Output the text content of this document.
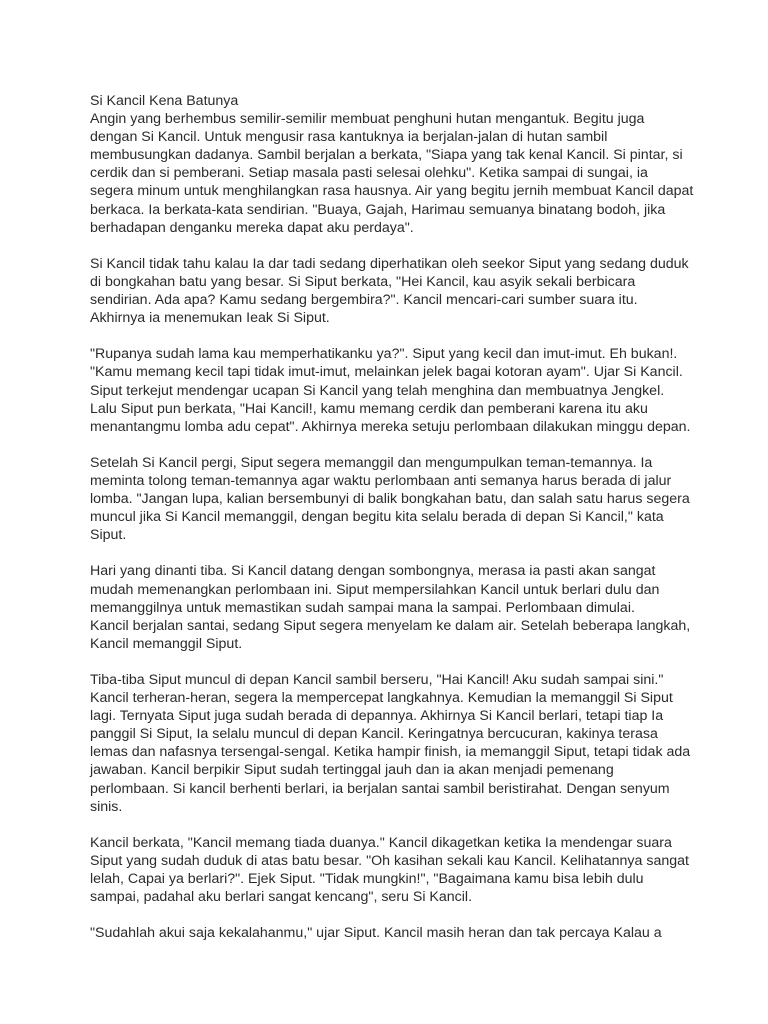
Si Kancil Kena Batunya
Angin yang berhembus semilir-semilir membuat penghuni hutan mengantuk. Begitu juga
dengan Si Kancil. Untuk mengusir rasa kantuknya ia berjalan-jalan di hutan sambil
membusungkan dadanya. Sambil berjalan a berkata, "Siapa yang tak kenal Kancil. Si pintar, si
cerdik dan si pemberani. Setiap masala pasti selesai olehku". Ketika sampai di sungai, ia
segera minum untuk menghilangkan rasa hausnya. Air yang begitu jernih membuat Kancil dapat
berkaca. Ia berkata-kata sendirian. "Buaya, Gajah, Harimau semuanya binatang bodoh, jika
berhadapan denganku mereka dapat aku perdaya".
Si Kancil tidak tahu kalau Ia dar tadi sedang diperhatikan oleh seekor Siput yang sedang duduk
di bongkahan batu yang besar. Si Siput berkata, "Hei Kancil, kau asyik sekali berbicara
sendirian. Ada apa? Kamu sedang bergembira?". Kancil mencari-cari sumber suara itu.
Akhirnya ia menemukan Ieak Si Siput.
"Rupanya sudah lama kau memperhatikanku ya?". Siput yang kecil dan imut-imut. Eh bukan!.
"Kamu memang kecil tapi tidak imut-imut, melainkan jelek bagai kotoran ayam". Ujar Si Kancil.
Siput terkejut mendengar ucapan Si Kancil yang telah menghina dan membuatnya Jengkel.
Lalu Siput pun berkata, "Hai Kancil!, kamu memang cerdik dan pemberani karena itu aku
menantangmu lomba adu cepat". Akhirnya mereka setuju perlombaan dilakukan minggu depan.
Setelah Si Kancil pergi, Siput segera memanggil dan mengumpulkan teman-temannya. Ia
meminta tolong teman-temannya agar waktu perlombaan anti semanya harus berada di jalur
lomba. "Jangan lupa, kalian bersembunyi di balik bongkahan batu, dan salah satu harus segera
muncul jika Si Kancil memanggil, dengan begitu kita selalu berada di depan Si Kancil," kata
Siput.
Hari yang dinanti tiba. Si Kancil datang dengan sombongnya, merasa ia pasti akan sangat
mudah memenangkan perlombaan ini. Siput mempersilahkan Kancil untuk berlari dulu dan
memanggilnya untuk memastikan sudah sampai mana la sampai. Perlombaan dimulai.
Kancil berjalan santai, sedang Siput segera menyelam ke dalam air. Setelah beberapa langkah,
Kancil memanggil Siput.
Tiba-tiba Siput muncul di depan Kancil sambil berseru, "Hai Kancil! Aku sudah sampai sini."
Kancil terheran-heran, segera la mempercepat langkahnya. Kemudian la memanggil Si Siput
lagi. Ternyata Siput juga sudah berada di depannya. Akhirnya Si Kancil berlari, tetapi tiap Ia
panggil Si Siput, Ia selalu muncul di depan Kancil. Keringatnya bercucuran, kakinya terasa
lemas dan nafasnya tersengal-sengal. Ketika hampir finish, ia memanggil Siput, tetapi tidak ada
jawaban. Kancil berpikir Siput sudah tertinggal jauh dan ia akan menjadi pemenang
perlombaan. Si kancil berhenti berlari, ia berjalan santai sambil beristirahat. Dengan senyum
sinis.
Kancil berkata, "Kancil memang tiada duanya." Kancil dikagetkan ketika Ia mendengar suara
Siput yang sudah duduk di atas batu besar. "Oh kasihan sekali kau Kancil. Kelihatannya sangat
lelah, Capai ya berlari?". Ejek Siput. "Tidak mungkin!", "Bagaimana kamu bisa lebih dulu
sampai, padahal aku berlari sangat kencang", seru Si Kancil.
"Sudahlah akui saja kekalahanmu," ujar Siput. Kancil masih heran dan tak percaya Kalau a
